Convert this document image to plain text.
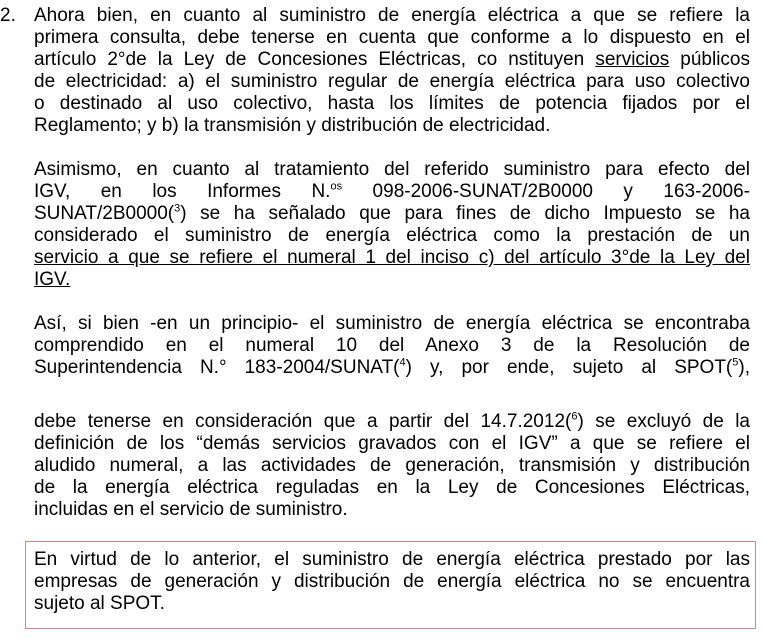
2. Ahora bien, en cuanto al suministro de energía eléctrica a que se refiere la
primera consulta, debe tenerse en cuenta que conforme a lo dispuesto en el
artículo 2°de la Ley de Concesiones Eléctricas, co nstituyen servicios públicos
de electricidad: a) el suministro regular de energía eléctrica para uso colectivo
o destinado al uso colectivo, hasta los límites de potencia fijados por el
Reglamento; y b) la transmisión y distribución de electricidad.
Asimismo, en cuanto al tratamiento del referido suministro para efecto del
IGV, en los Informes N.$^{os}$ 098-2006-SUNAT/2B0000 y 163-2006-
SUNAT/2B0000($^3$) se ha señalado que para fines de dicho Impuesto se ha
considerado el suministro de energía eléctrica como la prestación de un
servicio a que se refiere el numeral 1 del inciso c) del artículo 3°de la Ley del
IGV.
Así, si bien -en un principio- el suministro de energía eléctrica se encontraba
comprendido en el numeral 10 del Anexo 3 de la Resolución de
Superintendencia N.° 183-2004/SUNAT($^4$) y, por ende, sujeto al SPOT($^5$),
debe tenerse en consideración que a partir del 14.7.2012($^6$) se excluyó de la
definición de los “demás servicios gravados con el IGV” a que se refiere el
aludido numeral, a las actividades de generación, transmisión y distribución
de la energía eléctrica reguladas en la Ley de Concesiones Eléctricas,
incluidas en el servicio de suministro.
En virtud de lo anterior, el suministro de energía eléctrica prestado por las
empresas de generación y distribución de energía eléctrica no se encuentra
sujeto al SPOT.
